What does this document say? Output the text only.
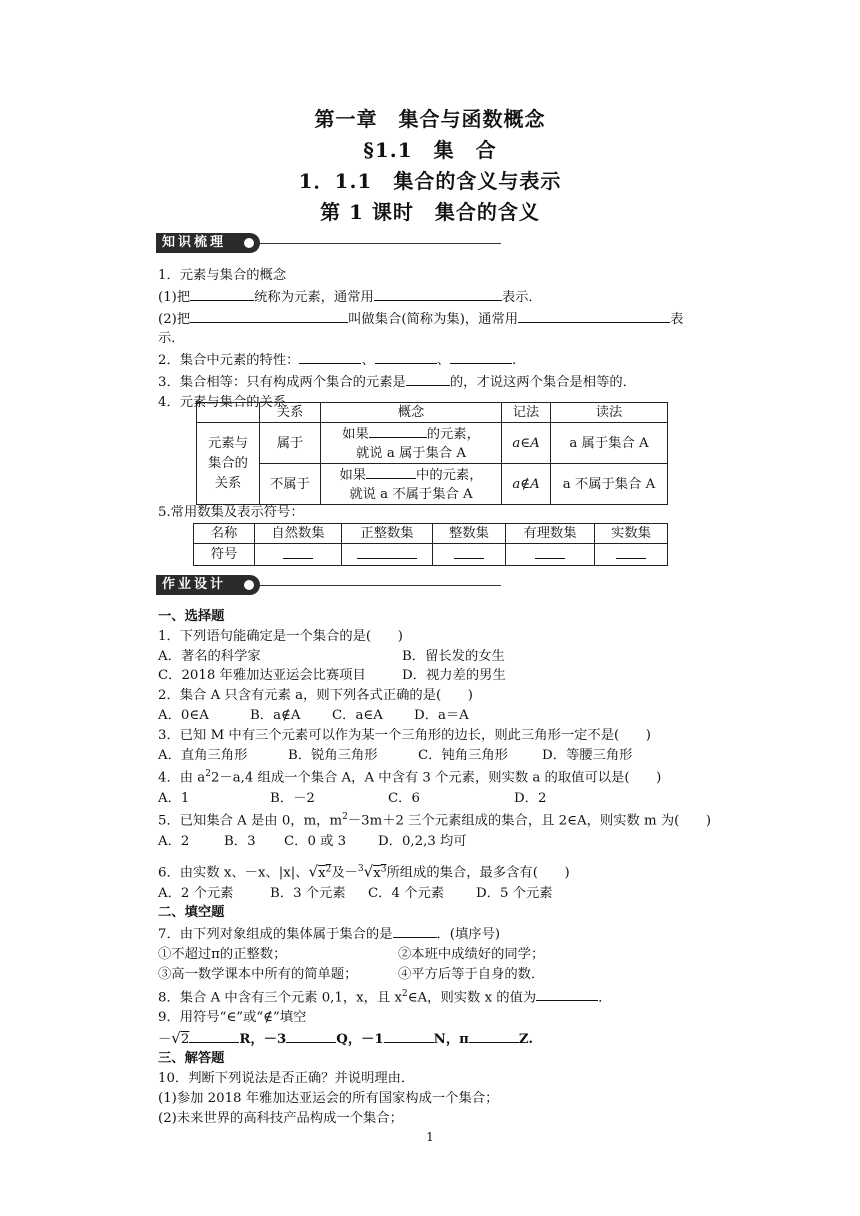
第一章　集合与函数概念
§1.1　集　合
1．1.1　集合的含义与表示
第 1 课时　集合的含义
知识梳理

1．元素与集合的概念

(1)把	统称为元素，通常用	表示．

(2)把	叫做集合(简称为集)，通常用	表

示．

2．集合中元素的特性：	、	、	.

3．集合相等：只有构成两个集合的元素是	的，才说这两个集合是相等的．

4．元素与集合的关系

	关系	概念	记法	读法
元素与
集合的
关系	属于	如果 的元素，
就说 a 属于集合 A	a∈A	a 属于集合 A
	不属于	如果 中的元素，
就说 a 不属于集合 A	a∉A	a 不属于集合 A

5.常用数集及表示符号：

名称	自然数集	正整数集	整数集	有理数集	实数集
符号					
作业设计

一、选择题

1．下列语句能确定是一个集合的是(　　)

A．著名的科学家	B．留长发的女生

C．2018 年雅加达亚运会比赛项目	D．视力差的男生

2．集合 A 只含有元素 a，则下列各式正确的是(　　)

A．0∈A	B．a∉A C．a∈A D．a＝A

3．已知 M 中有三个元素可以作为某一个三角形的边长，则此三角形一定不是(　　)

A．直角三角形	B．锐角三角形	C．钝角三角形	D．等腰三角形

4．由 $a^22-a,4$ 组成一个集合 A，A 中含有 3 个元素，则实数 a 的取值可以是(　　)

A．1	B．－2	C．6	D．2

5．已知集合 A 是由 0，m，$m^2-3m+2$ 三个元素组成的集合，且 2∈A，则实数 m 为(　　)

A．2	B．3 C．0 或 3 D．0,2,3 均可

6．由实数 x、－x、|x|、$√x^2$及$-^3√x^3$所组成的集合，最多含有(　　)

A．2 个元素	B．3 个元素 C．4 个元素 D．5 个元素

二、填空题

7．由下列对象组成的集体属于集合的是	．(填序号)

①不超过π的正整数；	②本班中成绩好的同学；

③高一数学课本中所有的简单题；	④平方后等于自身的数．

8．集合 A 中含有三个元素 0,1，x，且 $x^2\in A$，则实数 x 的值为	．

9．用符号“∈”或“∉”填空

－√2	R，－3	Q，－1	N，π	Z.

三、解答题

10．判断下列说法是否正确？并说明理由．

(1)参加 2018 年雅加达亚运会的所有国家构成一个集合；

(2)未来世界的高科技产品构成一个集合；

1
